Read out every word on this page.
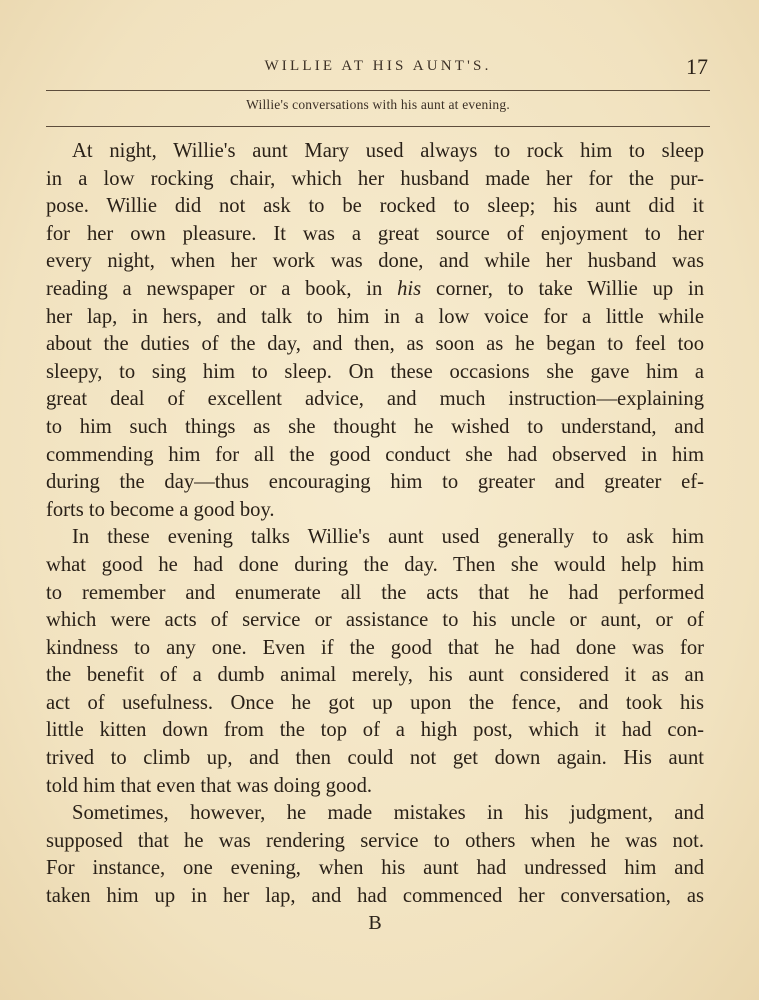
WILLIE AT HIS AUNT'S.	17
Willie's conversations with his aunt at evening.
At night, Willie's aunt Mary used always to rock him to sleep
in a low rocking chair, which her husband made her for the pur-
pose. Willie did not ask to be rocked to sleep; his aunt did it
for her own pleasure. It was a great source of enjoyment to her
every night, when her work was done, and while her husband was
reading a newspaper or a book, in his corner, to take Willie up in
her lap, in hers, and talk to him in a low voice for a little while
about the duties of the day, and then, as soon as he began to feel too
sleepy, to sing him to sleep. On these occasions she gave him a
great deal of excellent advice, and much instruction—explaining
to him such things as she thought he wished to understand, and
commending him for all the good conduct she had observed in him
during the day—thus encouraging him to greater and greater ef-
forts to become a good boy.
In these evening talks Willie's aunt used generally to ask him
what good he had done during the day. Then she would help him
to remember and enumerate all the acts that he had performed
which were acts of service or assistance to his uncle or aunt, or of
kindness to any one. Even if the good that he had done was for
the benefit of a dumb animal merely, his aunt considered it as an
act of usefulness. Once he got up upon the fence, and took his
little kitten down from the top of a high post, which it had con-
trived to climb up, and then could not get down again. His aunt
told him that even that was doing good.
Sometimes, however, he made mistakes in his judgment, and
supposed that he was rendering service to others when he was not.
For instance, one evening, when his aunt had undressed him and
taken him up in her lap, and had commenced her conversation, as
B
